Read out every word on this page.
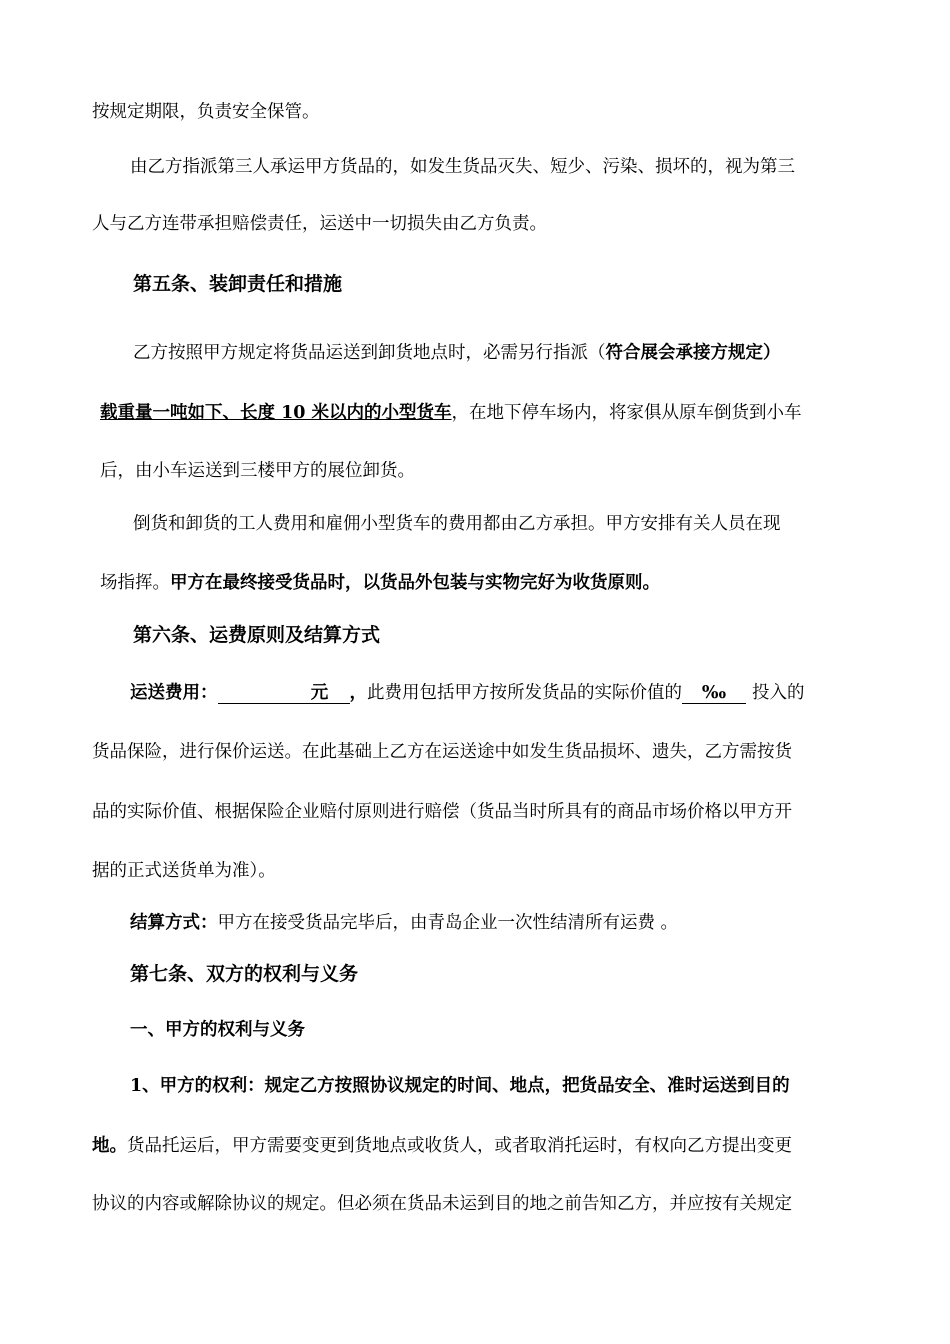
按规定期限，负责安全保管。
由乙方指派第三人承运甲方货品的，如发生货品灭失、短少、污染、损坏的，视为第三
人与乙方连带承担赔偿责任，运送中一切损失由乙方负责。
第五条、装卸责任和措施
乙方按照甲方规定将货品运送到卸货地点时，必需另行指派（符合展会承接方规定）
载重量一吨如下、长度 10 米以内的小型货车，在地下停车场内，将家俱从原车倒货到小车
后，由小车运送到三楼甲方的展位卸货。
倒货和卸货的工人费用和雇佣小型货车的费用都由乙方承担。甲方安排有关人员在现
场指挥。甲方在最终接受货品时，以货品外包装与实物完好为收货原则。
第六条、运费原则及结算方式
运送费用：	元 ，此费用包括甲方按所发货品的实际价值的 ‰ 投入的
货品保险，进行保价运送。在此基础上乙方在运送途中如发生货品损坏、遗失，乙方需按货
品的实际价值、根据保险企业赔付原则进行赔偿（货品当时所具有的商品市场价格以甲方开
据的正式送货单为准）。
结算方式：甲方在接受货品完毕后，由青岛企业一次性结清所有运费 。
第七条、双方的权利与义务
一、甲方的权利与义务
1、甲方的权利：规定乙方按照协议规定的时间、地点，把货品安全、准时运送到目的
地。货品托运后，甲方需要变更到货地点或收货人，或者取消托运时，有权向乙方提出变更
协议的内容或解除协议的规定。但必须在货品未运到目的地之前告知乙方，并应按有关规定
